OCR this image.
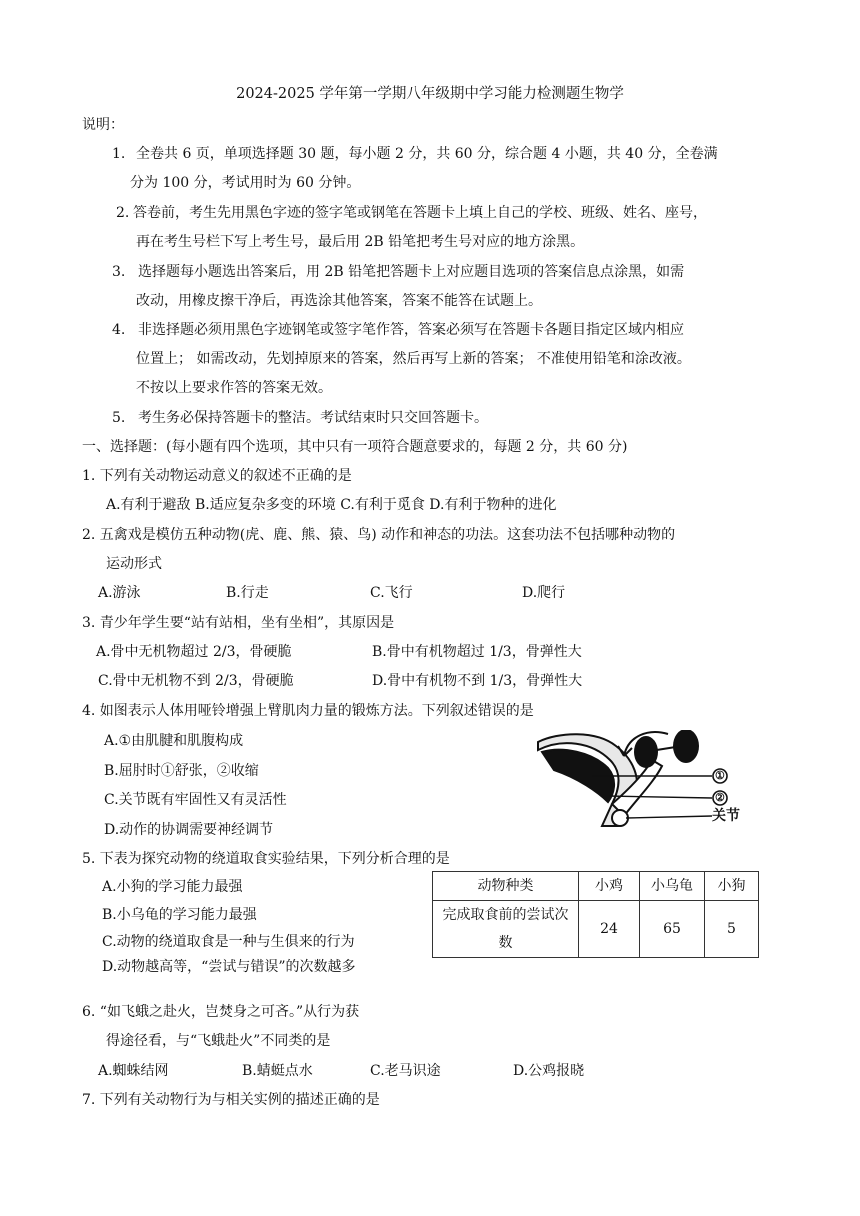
2024-2025 学年第一学期八年级期中学习能力检测题生物学
说明：
1. 全卷共 6 页，单项选择题 30 题，每小题 2 分，共 60 分，综合题 4 小题，共 40 分，全卷满
分为 100 分，考试用时为 60 分钟。
2. 答卷前，考生先用黑色字迹的签字笔或钢笔在答题卡上填上自己的学校、班级、姓名、座号，
再在考生号栏下写上考生号，最后用 2B 铅笔把考生号对应的地方涂黑。
3. 选择题每小题选出答案后，用 2B 铅笔把答题卡上对应题目选项的答案信息点涂黑，如需
改动，用橡皮擦干净后，再选涂其他答案，答案不能答在试题上。
4. 非选择题必须用黑色字迹钢笔或签字笔作答，答案必须写在答题卡各题目指定区域内相应
位置上； 如需改动，先划掉原来的答案，然后再写上新的答案； 不准使用铅笔和涂改液。
不按以上要求作答的答案无效。
5. 考生务必保持答题卡的整洁。考试结束时只交回答题卡。
一、选择题：(每小题有四个选项，其中只有一项符合题意要求的，每题 2 分，共 60 分)
1. 下列有关动物运动意义的叙述不正确的是
A.有利于避敌 B.适应复杂多变的环境 C.有利于觅食 D.有利于物种的进化
2. 五禽戏是模仿五种动物(虎、鹿、熊、猿、鸟) 动作和神态的功法。这套功法不包括哪种动物的
运动形式
A.游泳	B.行走	C.飞行	D.爬行
3. 青少年学生要“站有站相，坐有坐相”，其原因是
A.骨中无机物超过 2/3，骨硬脆	B.骨中有机物超过 1/3，骨弹性大
C.骨中无机物不到 2/3，骨硬脆	D.骨中有机物不到 1/3，骨弹性大
4. 如图表示人体用哑铃增强上臂肌肉力量的锻炼方法。下列叙述错误的是
A.①由肌腱和肌腹构成
B.屈肘时①舒张，②收缩
C.关节既有牢固性又有灵活性
D.动作的协调需要神经调节
①
②
关节
5. 下表为探究动物的绕道取食实验结果，下列分析合理的是
A.小狗的学习能力最强
B.小乌龟的学习能力最强
C.动物的绕道取食是一种与生俱来的行为
D.动物越高等，“尝试与错误”的次数越多
动物种类	小鸡	小乌龟	小狗

完成取食前的尝试次
数	24	65	5
6. “如飞蛾之赴火，岂焚身之可吝。”从行为获
得途径看，与“飞蛾赴火”不同类的是
A.蜘蛛结网	B.蜻蜓点水	C.老马识途	D.公鸡报晓
7. 下列有关动物行为与相关实例的描述正确的是
